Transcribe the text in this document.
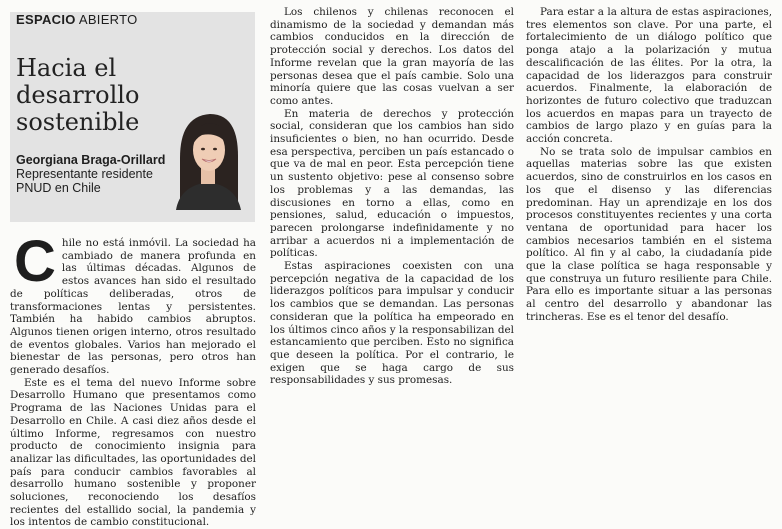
ESPACIO ABIERTO
Hacia el desarrollo sostenible
Georgiana Braga-Orillard
Representante residente PNUD en Chile
C hile no está inmóvil. La sociedad ha cambiado de manera profunda en las últimas décadas. Algunos de estos avances han sido el resultado de políticas deliberadas, otros de transformaciones lentas y persistentes. También ha habido cambios abruptos. Algunos tienen origen interno, otros resultado de eventos globales. Varios han mejorado el bienestar de las personas, pero otros han generado desafíos.

Este es el tema del nuevo Informe sobre Desarrollo Humano que presentamos como Programa de las Naciones Unidas para el Desarrollo en Chile. A casi diez años desde el último Informe, regresamos con nuestro producto de conocimiento insignia para analizar las dificultades, las oportunidades del país para conducir cambios favorables al desarrollo humano sostenible y proponer soluciones, reconociendo los desafíos recientes del estallido social, la pandemia y los intentos de cambio constitucional.

Los chilenos y chilenas reconocen el dinamismo de la sociedad y demandan más cambios conducidos en la dirección de protección social y derechos. Los datos del Informe revelan que la gran mayoría de las personas desea que el país cambie. Solo una minoría quiere que las cosas vuelvan a ser como antes.

En materia de derechos y protección social, consideran que los cambios han sido insuficientes o bien, no han ocurrido. Desde esa perspectiva, perciben un país estancado o que va de mal en peor. Esta percepción tiene un sustento objetivo: pese al consenso sobre los problemas y a las demandas, las discusiones en torno a ellas, como en pensiones, salud, educación o impuestos, parecen prolongarse indefinidamente y no arribar a acuerdos ni a implementación de políticas.

Estas aspiraciones coexisten con una percepción negativa de la capacidad de los liderazgos políticos para impulsar y conducir los cambios que se demandan. Las personas consideran que la política ha empeorado en los últimos cinco años y la responsabilizan del estancamiento que perciben. Esto no significa que deseen la política. Por el contrario, le exigen que se haga cargo de sus responsabilidades y sus promesas.

Para estar a la altura de estas aspiraciones, tres elementos son clave. Por una parte, el fortalecimiento de un diálogo político que ponga atajo a la polarización y mutua descalificación de las élites. Por la otra, la capacidad de los liderazgos para construir acuerdos. Finalmente, la elaboración de horizontes de futuro colectivo que traduzcan los acuerdos en mapas para un trayecto de cambios de largo plazo y en guías para la acción concreta.

No se trata solo de impulsar cambios en aquellas materias sobre las que existen acuerdos, sino de construirlos en los casos en los que el disenso y las diferencias predominan. Hay un aprendizaje en los dos procesos constituyentes recientes y una corta ventana de oportunidad para hacer los cambios necesarios también en el sistema político. Al fin y al cabo, la ciudadanía pide que la clase política se haga responsable y que construya un futuro resiliente para Chile. Para ello es importante situar a las personas al centro del desarrollo y abandonar las trincheras. Ese es el tenor del desafío.
